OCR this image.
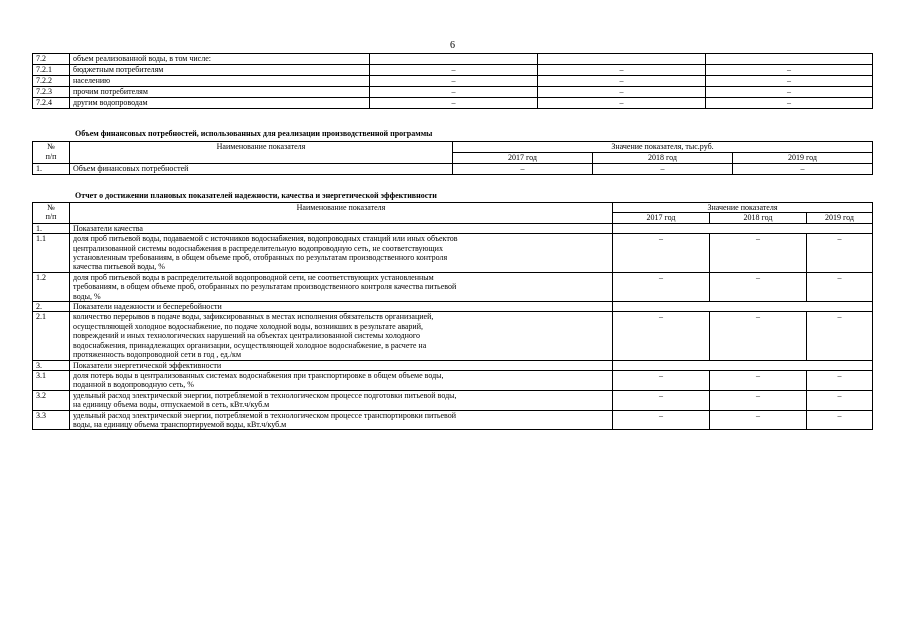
6
7.2	объем реализованной воды, в том числе:			
7.2.1	бюджетным потребителям	–	–	–
7.2.2	населению	–	–	–
7.2.3	прочим потребителям	–	–	–
7.2.4	другим водопроводам	–	–	–
Объем финансовых потребностей, использованных для реализации производственной программы
№
п/п	Наименование показателя	Значение показателя, тыс.руб.		
		2017 год	2018 год	2019 год
1.	Объем финансовых потребностей	–	–	–
Отчет о достижении плановых показателей надежности, качества и энергетической эффективности
№
п/п	Наименование показателя	Значение показателя		
		2017 год	2018 год	2019 год
1.	Показатели качества			
1.1	доля проб питьевой воды, подаваемой с источников водоснабжения, водопроводных станций или иных объектов
централизованной системы водоснабжения в распределительную водопроводную сеть, не соответствующих
установленным требованиям, в общем объеме проб, отобранных по результатам производственного контроля
качества питьевой воды, %	–	–	–
1.2	доля проб питьевой воды в распределительной водопроводной сети, не соответствующих установленным
требованиям, в общем объеме проб, отобранных по результатам производственного контроля качества питьевой
воды, %	–	–	–
2.	Показатели надежности и бесперебойности			
2.1	количество перерывов в подаче воды, зафиксированных в местах исполнения обязательств организацией,
осуществляющей холодное водоснабжение, по подаче холодной воды, возникших в результате аварий,
повреждений и иных технологических нарушений на объектах централизованной системы холодного
водоснабжения, принадлежащих организации, осуществляющей холодное водоснабжение, в расчете на
протяженность водопроводной сети в год , ед./км	–	–	–
3.	Показатели энергетической эффективности			
3.1	доля потерь воды в централизованных системах водоснабжения при транспортировке в общем объеме воды,
поданной в водопроводную сеть, %	–	–	–
3.2	удельный расход электрической энергии, потребляемой в технологическом процессе подготовки питьевой воды,
на единицу объема воды, отпускаемой в сеть, кВт.ч/куб.м	–	–	–
3.3	удельный расход электрической энергии, потребляемой в технологическом процессе транспортировки питьевой
воды, на единицу объема транспортируемой воды, кВт.ч/куб.м	–	–	–
